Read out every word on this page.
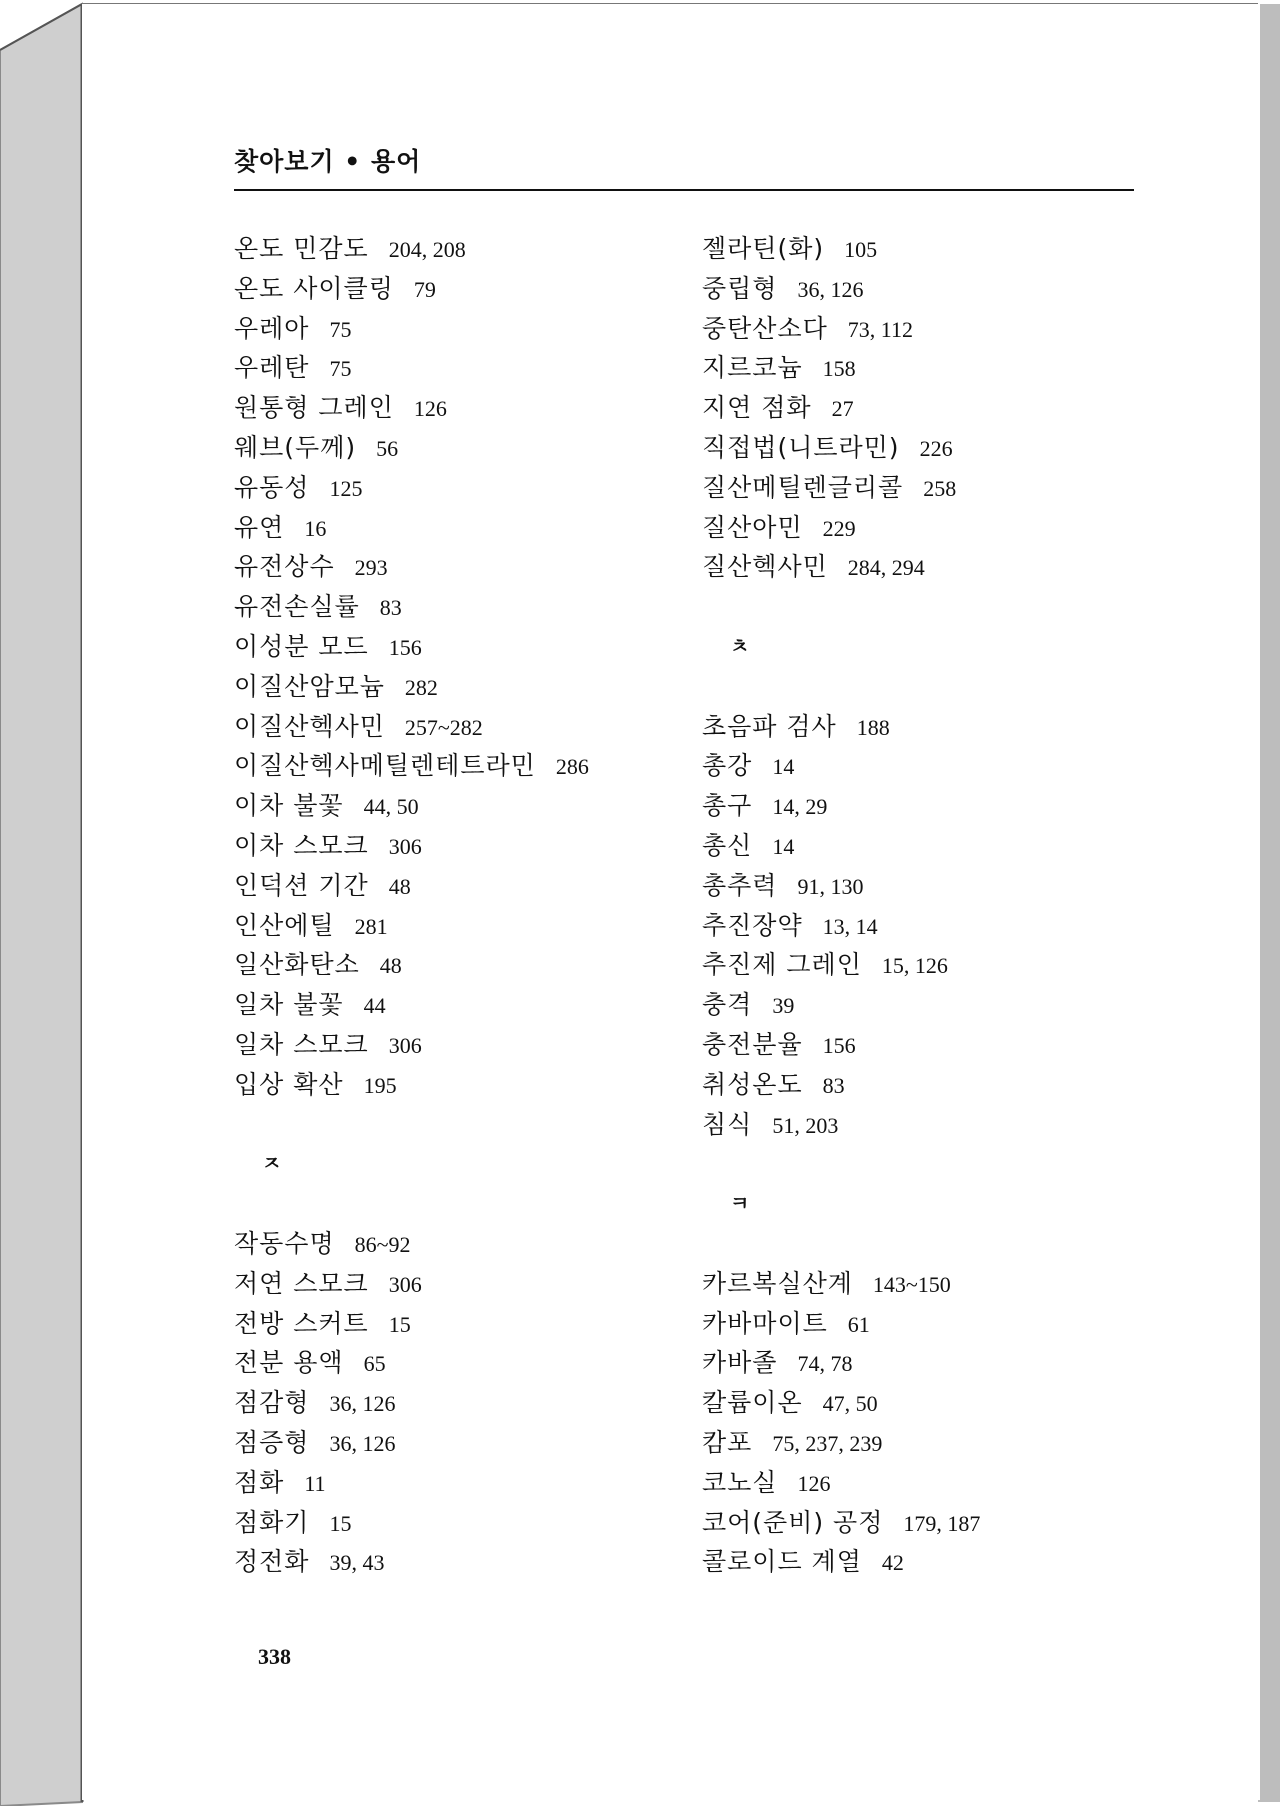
찾아보기 • 용어
온도 민감도 204, 208
온도 사이클링 79
우레아 75
우레탄 75
원통형 그레인 126
웨브(두께) 56
유동성 125
유연 16
유전상수 293
유전손실률 83
이성분 모드 156
이질산암모늄 282
이질산헥사민 257~282
이질산헥사메틸렌테트라민 286
이차 불꽃 44, 50
이차 스모크 306
인덕션 기간 48
인산에틸 281
일산화탄소 48
일차 불꽃 44
일차 스모크 306
입상 확산 195
ㅈ
작동수명 86~92
저연 스모크 306
전방 스커트 15
전분 용액 65
점감형 36, 126
점증형 36, 126
점화 11
점화기 15
정전화 39, 43
젤라틴(화) 105
중립형 36, 126
중탄산소다 73, 112
지르코늄 158
지연 점화 27
직접법(니트라민) 226
질산메틸렌글리콜 258
질산아민 229
질산헥사민 284, 294
ㅊ
초음파 검사 188
총강 14
총구 14, 29
총신 14
총추력 91, 130
추진장약 13, 14
추진제 그레인 15, 126
충격 39
충전분율 156
취성온도 83
침식 51, 203
ㅋ
카르복실산계 143~150
카바마이트 61
카바졸 74, 78
칼륨이온 47, 50
캄포 75, 237, 239
코노실 126
코어(준비) 공정 179, 187
콜로이드 계열 42
338
